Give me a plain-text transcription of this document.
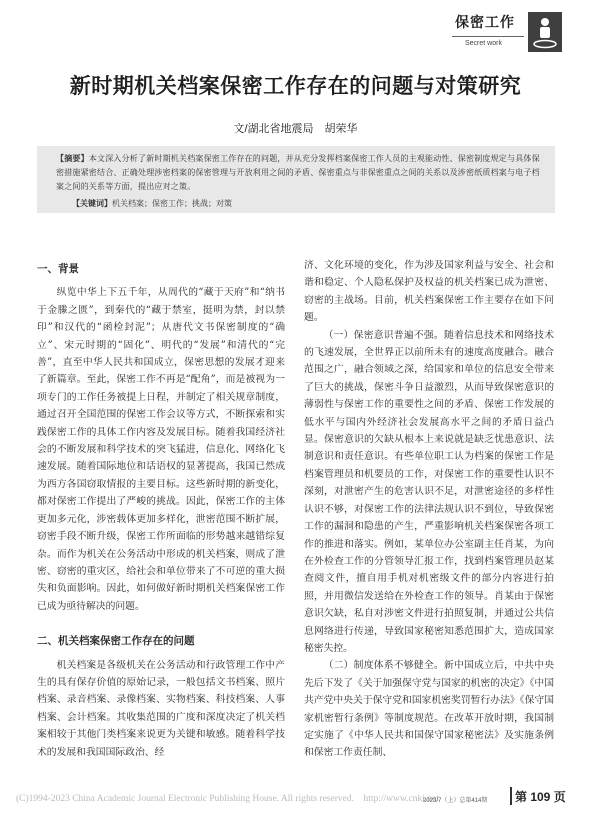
保密工作
Secret work
新时期机关档案保密工作存在的问题与对策研究
文/湖北省地震局　胡荣华
【摘要】本文深入分析了新时期机关档案保密工作存在的问题，并从充分发挥档案保密工作人员的主观能动性、保密制度规定与具体保密措施紧密结合、正确处理涉密档案的保密管理与开放利用之间的矛盾、保密重点与非保密重点之间的关系以及涉密纸质档案与电子档案之间的关系等方面，提出应对之策。
【关键词】机关档案；保密工作；挑战；对策

一、背景

纵览中华上下五千年，从周代的“藏于天府”和“纳书于金縢之匮”，到秦代的“藏于禁室，挺明为禁，封以禁印”和汉代的“函检封泥”；从唐代文书保密制度的“确立”、宋元时期的“固化”、明代的“发展”和清代的“完善”，直至中华人民共和国成立，保密思想的发展才迎来了新篇章。至此，保密工作不再是“配角”，而是被视为一项专门的工作任务被提上日程，并制定了相关规章制度，通过召开全国范围的保密工作会议等方式，不断探索和实践保密工作的具体工作内容及发展目标。随着我国经济社会的不断发展和科学技术的突飞猛进，信息化、网络化飞速发展。随着国际地位和话语权的显著提高，我国已然成为西方各国窃取情报的主要目标。这些新时期的新变化，都对保密工作提出了严峻的挑战。因此，保密工作的主体更加多元化，涉密载体更加多样化，泄密范围不断扩展，窃密手段不断升级，保密工作所面临的形势越来越错综复杂。而作为机关在公务活动中形成的机关档案，则成了泄密、窃密的重灾区，给社会和单位带来了不可逆的重大损失和负面影响。因此，如何做好新时期机关档案保密工作已成为亟待解决的问题。

二、机关档案保密工作存在的问题

机关档案是各级机关在公务活动和行政管理工作中产生的具有保存价值的原始记录，一般包括文书档案、照片档案、录音档案、录像档案、实物档案、科技档案、人事档案、会计档案。其收集范围的广度和深度决定了机关档案相较于其他门类档案来说更为关键和敏感。随着科学技术的发展和我国国际政治、经

济、文化环境的变化，作为涉及国家利益与安全、社会和谐和稳定、个人隐私保护及权益的机关档案已成为泄密、窃密的主战场。目前，机关档案保密工作主要存在如下问题。

（一）保密意识普遍不强。随着信息技术和网络技术的飞速发展，全世界正以前所未有的速度高度融合。融合范围之广，融合领域之深，给国家和单位的信息安全带来了巨大的挑战，保密斗争日益激烈，从而导致保密意识的薄弱性与保密工作的重要性之间的矛盾、保密工作发展的低水平与国内外经济社会发展高水平之间的矛盾日益凸显。保密意识的欠缺从根本上来说就是缺乏忧患意识、法制意识和责任意识。有些单位职工认为档案的保密工作是档案管理员和机要员的工作，对保密工作的重要性认识不深刻，对泄密产生的危害认识不足，对泄密途径的多样性认识不够，对保密工作的法律法规认识不到位，导致保密工作的漏洞和隐患的产生，严重影响机关档案保密各项工作的推进和落实。例如，某单位办公室副主任肖某，为向在外检查工作的分管领导汇报工作，找到档案管理员赵某查阅文件，擅自用手机对机密级文件的部分内容进行拍照，并用微信发送给在外检查工作的领导。肖某由于保密意识欠缺，私自对涉密文件进行拍照复制，并通过公共信息网络进行传递，导致国家秘密知悉范围扩大，造成国家秘密失控。

（二）制度体系不够健全。新中国成立后，中共中央先后下发了《关于加强保守党与国家的机密的决定》《中国共产党中央关于保守党和国家机密奖罚暂行办法》《保守国家机密暂行条例》等制度规范。在改革开放时期，我国制定实施了《中华人民共和国保守国家秘密法》及实施条例和保密工作责任制、

(C)1994-2023 China Academic Journal Electronic Publishing House. All rights reserved.　http://www.cnki.net
2023/7（上）总第414期 第 109 页
